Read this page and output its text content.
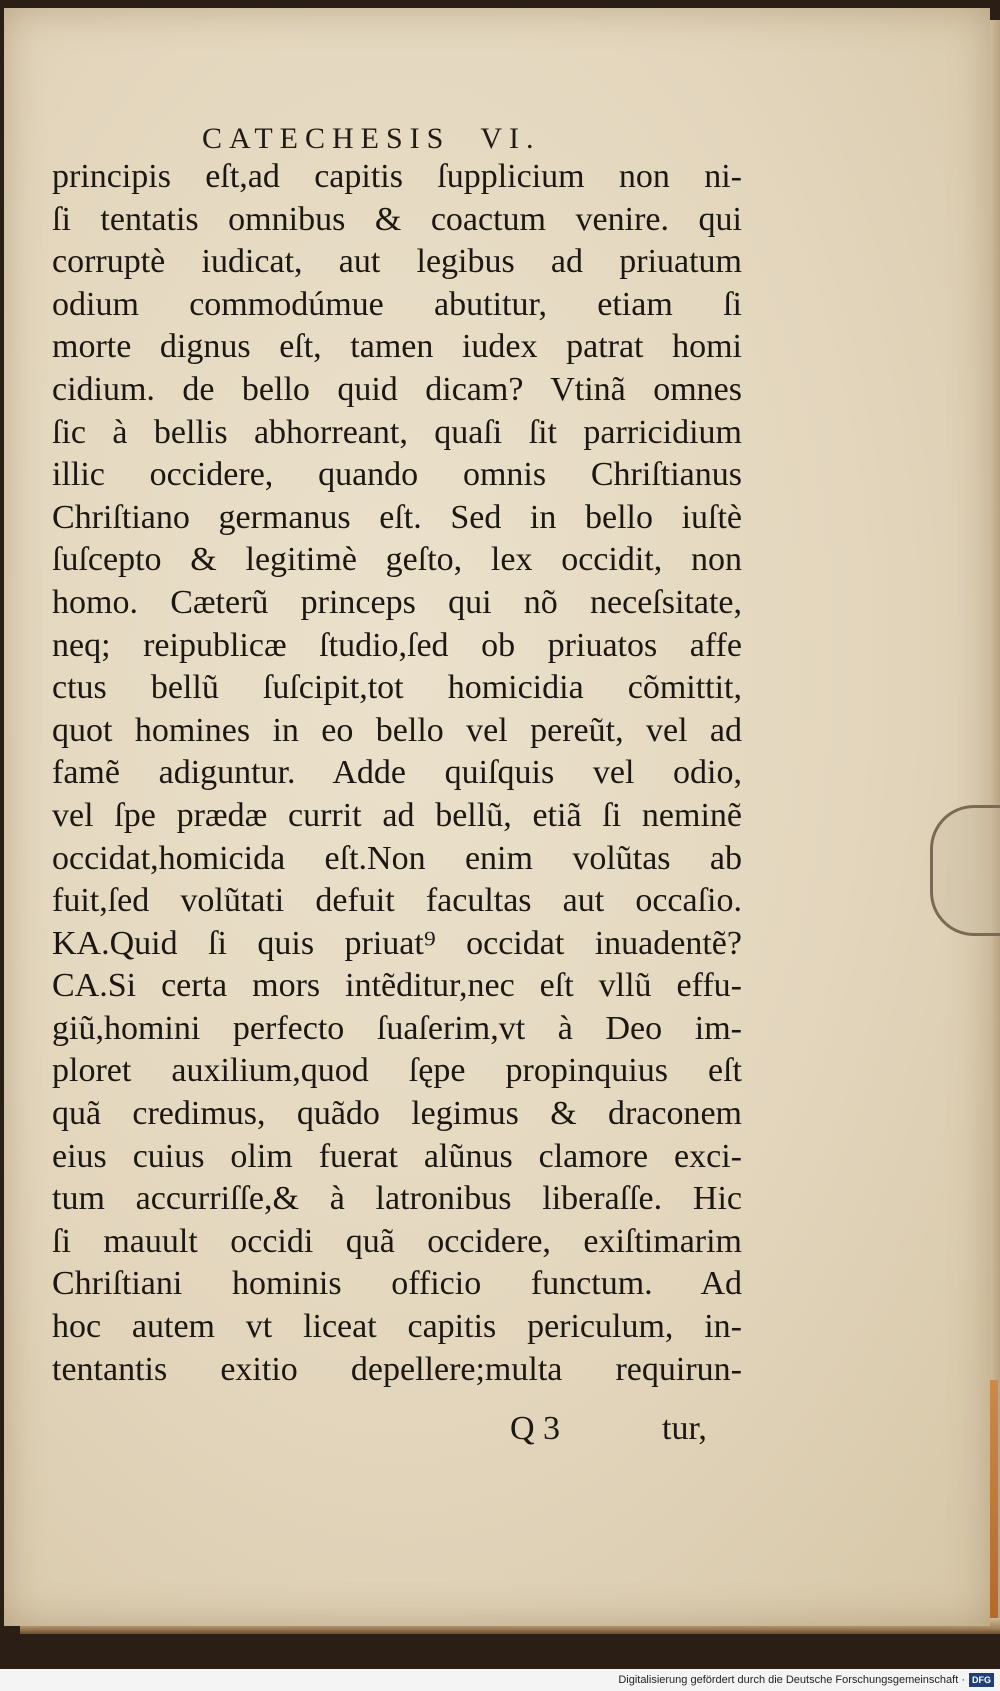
CATECHESIS VI.
principis eſt,ad capitis ſupplicium non ni-
ſi tentatis omnibus & coactum venire. qui
corruptè iudicat, aut legibus ad priuatum
odium commodúmue abutitur, etiam ſi
morte dignus eſt, tamen iudex patrat homi
cidium. de bello quid dicam? Vtinã omnes
ſic à bellis abhorreant, quaſi ſit parricidium
illic occidere, quando omnis Chriſtianus
Chriſtiano germanus eſt. Sed in bello iuſtè
ſuſcepto & legitimè geſto, lex occidit, non
homo. Cæterũ princeps qui nõ neceſsitate,
neq; reipublicæ ſtudio,ſed ob priuatos affe
ctus bellũ ſuſcipit,tot homicidia cõmittit,
quot homines in eo bello vel pereũt, vel ad
famẽ adiguntur. Adde quiſquis vel odio,
vel ſpe prædæ currit ad bellũ, etiã ſi neminẽ
occidat,homicida eſt.Non enim volũtas ab
fuit,ſed volũtati defuit facultas aut occaſio.
KA.Quid ſi quis priuat⁹ occidat inuadentẽ?
CA.Si certa mors intẽditur,nec eſt vllũ effu-
giũ,homini perfecto ſuaſerim,vt à Deo im-
ploret auxilium,quod ſępe propinquius eſt
quã credimus, quãdo legimus & draconem
eius cuius olim fuerat alũnus clamore exci-
tum accurriſſe,& à latronibus liberaſſe. Hic
ſi mauult occidi quã occidere, exiſtimarim
Chriſtiani hominis officio functum. Ad
hoc autem vt liceat capitis periculum, in-
tentantis exitio depellere;multa requirun-
Q 3	tur,
Digitalisierung gefördert durch die Deutsche Forschungsgemeinschaft · DFG
